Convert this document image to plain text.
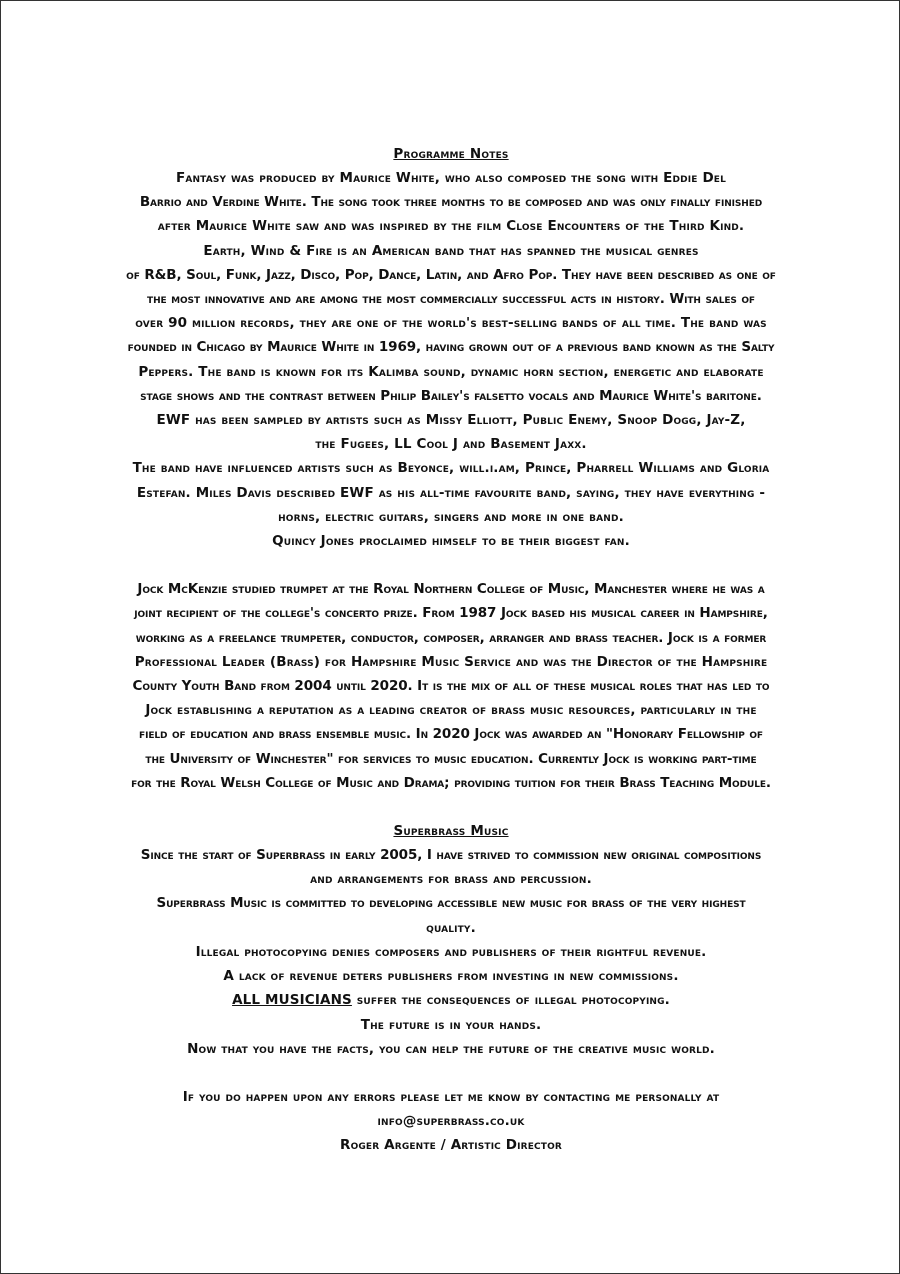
Programme Notes
Fantasy was produced by Maurice White, who also composed the song with Eddie Del
Barrio and Verdine White. The song took three months to be composed and was only finally finished
after Maurice White saw and was inspired by the film Close Encounters of the Third Kind.
Earth, Wind & Fire is an American band that has spanned the musical genres
of R&B, Soul, Funk, Jazz, Disco, Pop, Dance, Latin, and Afro Pop. They have been described as one of
the most innovative and are among the most commercially successful acts in history. With sales of
over 90 million records, they are one of the world's best-selling bands of all time. The band was
founded in Chicago by Maurice White in 1969, having grown out of a previous band known as the Salty
Peppers. The band is known for its Kalimba sound, dynamic horn section, energetic and elaborate
stage shows and the contrast between Philip Bailey's falsetto vocals and Maurice White's baritone.
EWF has been sampled by artists such as Missy Elliott, Public Enemy, Snoop Dogg, Jay-Z,
the Fugees, LL Cool J and Basement Jaxx.
The band have influenced artists such as Beyonce, will.i.am, Prince, Pharrell Williams and Gloria
Estefan. Miles Davis described EWF as his all-time favourite band, saying, they have everything -
horns, electric guitars, singers and more in one band.
Quincy Jones proclaimed himself to be their biggest fan.
Jock McKenzie studied trumpet at the Royal Northern College of Music, Manchester where he was a
joint recipient of the college's concerto prize. From 1987 Jock based his musical career in Hampshire,
working as a freelance trumpeter, conductor, composer, arranger and brass teacher. Jock is a former
Professional Leader (Brass) for Hampshire Music Service and was the Director of the Hampshire
County Youth Band from 2004 until 2020. It is the mix of all of these musical roles that has led to
Jock establishing a reputation as a leading creator of brass music resources, particularly in the
field of education and brass ensemble music. In 2020 Jock was awarded an "Honorary Fellowship of
the University of Winchester" for services to music education. Currently Jock is working part-time
for the Royal Welsh College of Music and Drama; providing tuition for their Brass Teaching Module.
Superbrass Music
Since the start of Superbrass in early 2005, I have strived to commission new original compositions
and arrangements for brass and percussion.
Superbrass Music is committed to developing accessible new music for brass of the very highest
quality.
Illegal photocopying denies composers and publishers of their rightful revenue.
A lack of revenue deters publishers from investing in new commissions.
ALL MUSICIANS suffer the consequences of illegal photocopying.
The future is in your hands.
Now that you have the facts, you can help the future of the creative music world.
If you do happen upon any errors please let me know by contacting me personally at
info@superbrass.co.uk
Roger Argente / Artistic Director
